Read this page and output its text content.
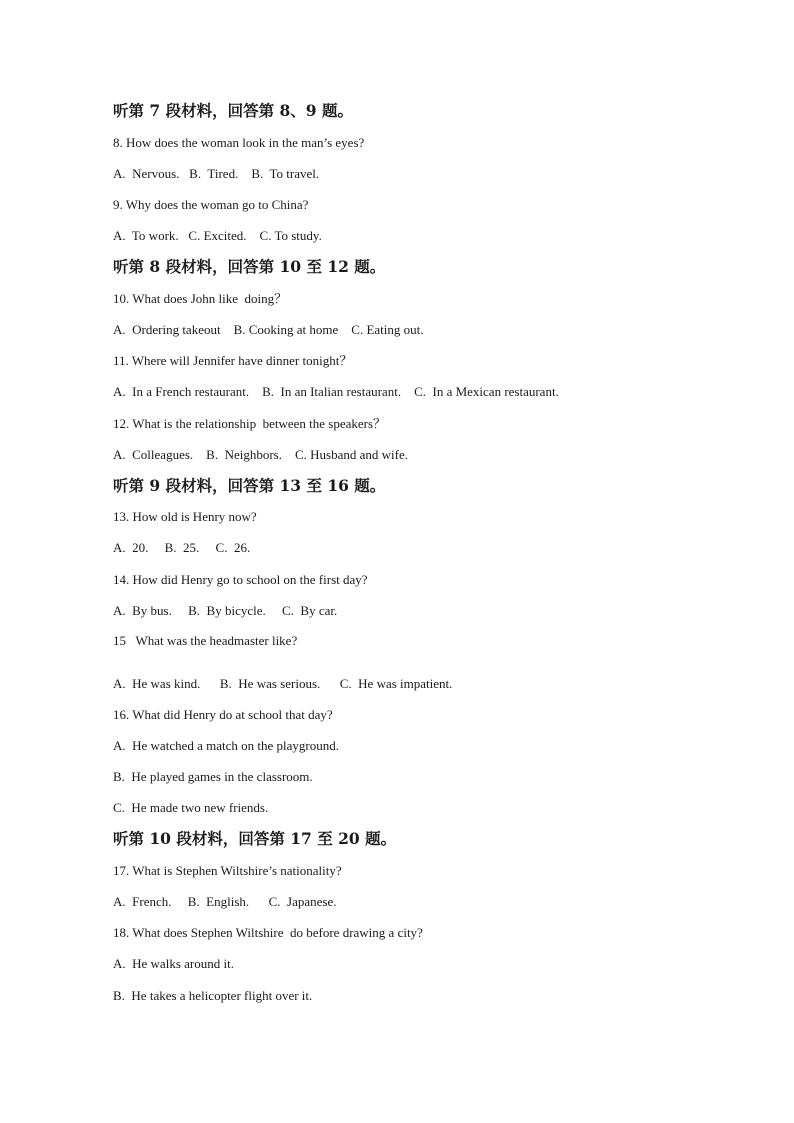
听第 7 段材料，回答第 8、9 题。
8. How does the woman look in the man’s eyes?
A.  Nervous.   B.  Tired.    B.  To travel.
9. Why does the woman go to China?
A.  To work.   C. Excited.    C. To study.
听第 8 段材料，回答第 10 至 12 题。
10. What does John like  doing？
A.  Ordering takeout    B. Cooking at home    C. Eating out.
11. Where will Jennifer have dinner tonight？
A.  In a French restaurant.    B.  In an Italian restaurant.    C.  In a Mexican restaurant.
12. What is the relationship  between the speakers？
A.  Colleagues.    B.  Neighbors.    C. Husband and wife.
听第 9 段材料，回答第 13 至 16 题。
13. How old is Henry now?
A.  20.     B.  25.     C.  26.
14. How did Henry go to school on the first day?
A.  By bus.     B.  By bicycle.     C.  By car.
15   What was the headmaster like?
A.  He was kind.      B.  He was serious.      C.  He was impatient.
16. What did Henry do at school that day?
A.  He watched a match on the playground.
B.  He played games in the classroom.
C.  He made two new friends.
听第 10 段材料，回答第 17 至 20 题。
17. What is Stephen Wiltshire’s nationality?
A.  French.     B.  English.      C.  Japanese.
18. What does Stephen Wiltshire  do before drawing a city?
A.  He walks around it.
B.  He takes a helicopter flight over it.
